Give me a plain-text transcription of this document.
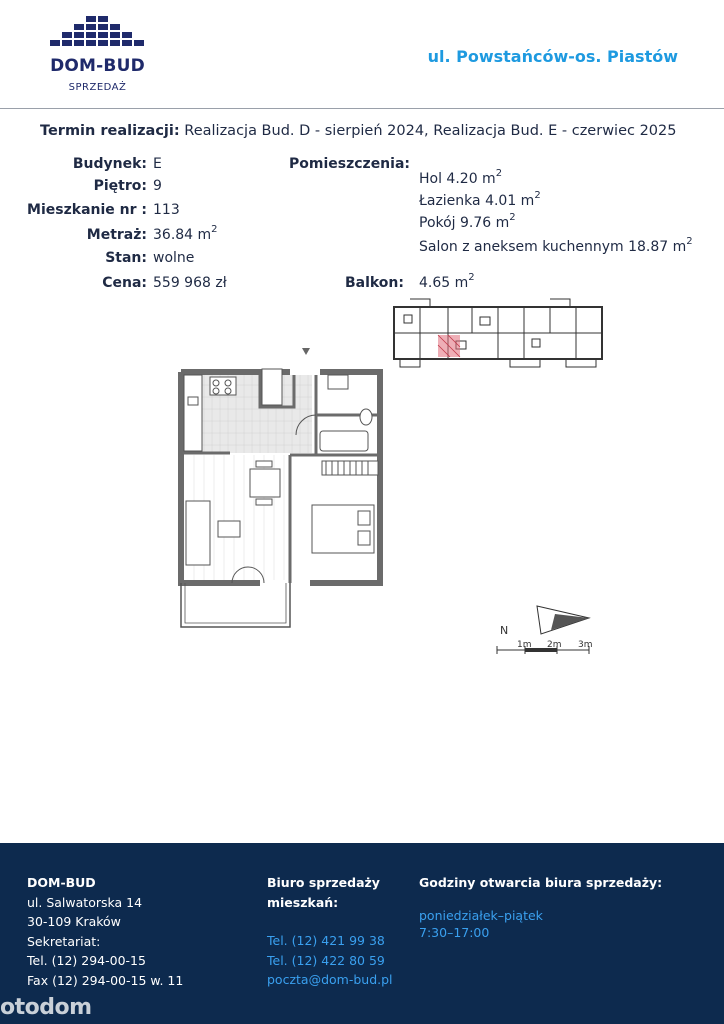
DOM-BUD
SPRZEDAŻ
ul. Powstańców-os. Piastów
Termin realizacji: Realizacja Bud. D - sierpień 2024, Realizacja Bud. E - czerwiec 2025
Budynek: E
Piętro: 9
Mieszkanie nr : 113
Metraż: 36.84 $m^2$
Stan: wolne
Cena: 559 968 zł
Pomieszczenia:
Hol 4.20 $m^2$
Łazienka 4.01 $m^2$
Pokój 9.76 $m^2$
Salon z aneksem kuchennym 18.87 $m^2$
Balkon: 4.65 $m^2$
N
1m 2m 3m
DOM-BUD
ul. Salwatorska 14
30-109 Kraków
Sekretariat:
Tel. (12) 294-00-15
Fax (12) 294-00-15 w. 11
Biuro sprzedaży
mieszkań:
Tel. (12) 421 99 38
Tel. (12) 422 80 59
poczta@dom-bud.pl
Godziny otwarcia biura sprzedaży:
poniedziałek–piątek
7:30–17:00
otodom
